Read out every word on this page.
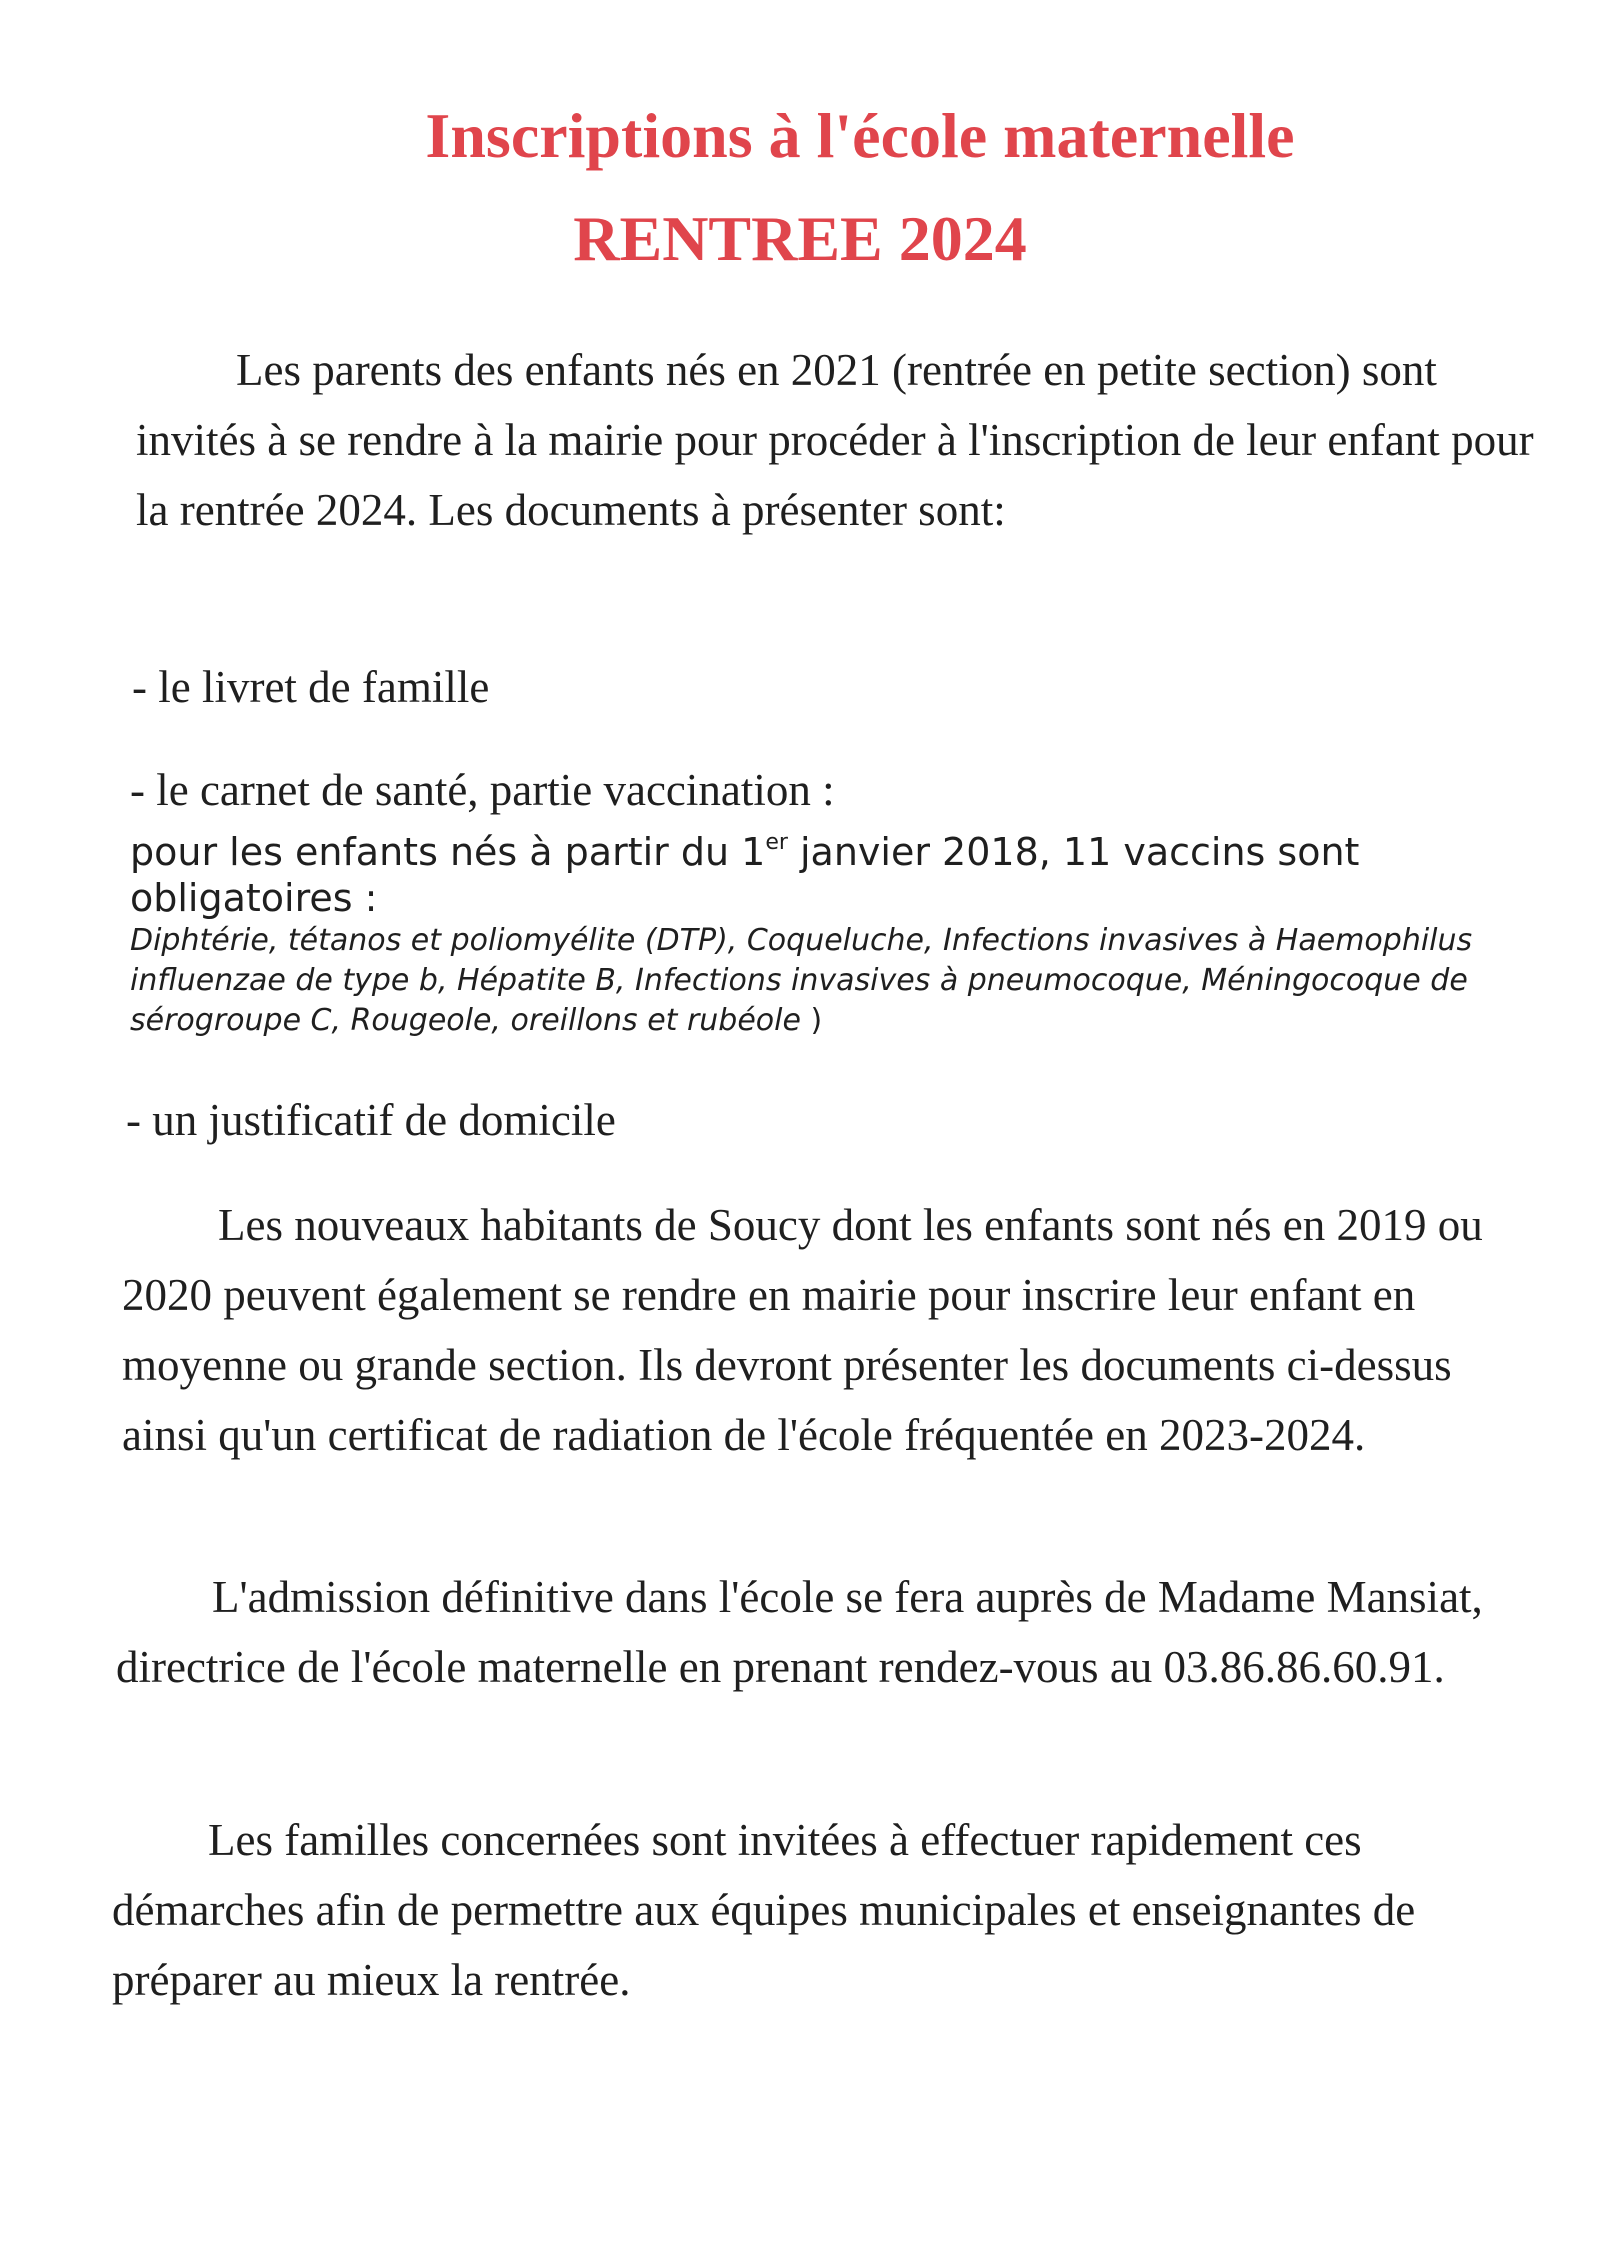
Inscriptions à l'école maternelle
RENTREE 2024

Les parents des enfants nés en 2021 (rentrée en petite section) sont invités à se rendre à la mairie pour procéder à l'inscription de leur enfant pour la rentrée 2024. Les documents à présenter sont:

- le livret de famille

- le carnet de santé, partie vaccination :
pour les enfants nés à partir du 1er janvier 2018, 11 vaccins sont obligatoires :
Diphtérie, tétanos et poliomyélite (DTP), Coqueluche, Infections invasives à Haemophilus influenzae de type b, Hépatite B, Infections invasives à pneumocoque, Méningocoque de sérogroupe C, Rougeole, oreillons et rubéole )

- un justificatif de domicile

Les nouveaux habitants de Soucy dont les enfants sont nés en 2019 ou 2020 peuvent également se rendre en mairie pour inscrire leur enfant en moyenne ou grande section. Ils devront présenter les documents ci-dessus ainsi qu'un certificat de radiation de l'école fréquentée en 2023-2024.

L'admission définitive dans l'école se fera auprès de Madame Mansiat, directrice de l'école maternelle en prenant rendez-vous au 03.86.86.60.91.

Les familles concernées sont invitées à effectuer rapidement ces démarches afin de permettre aux équipes municipales et enseignantes de préparer au mieux la rentrée.
